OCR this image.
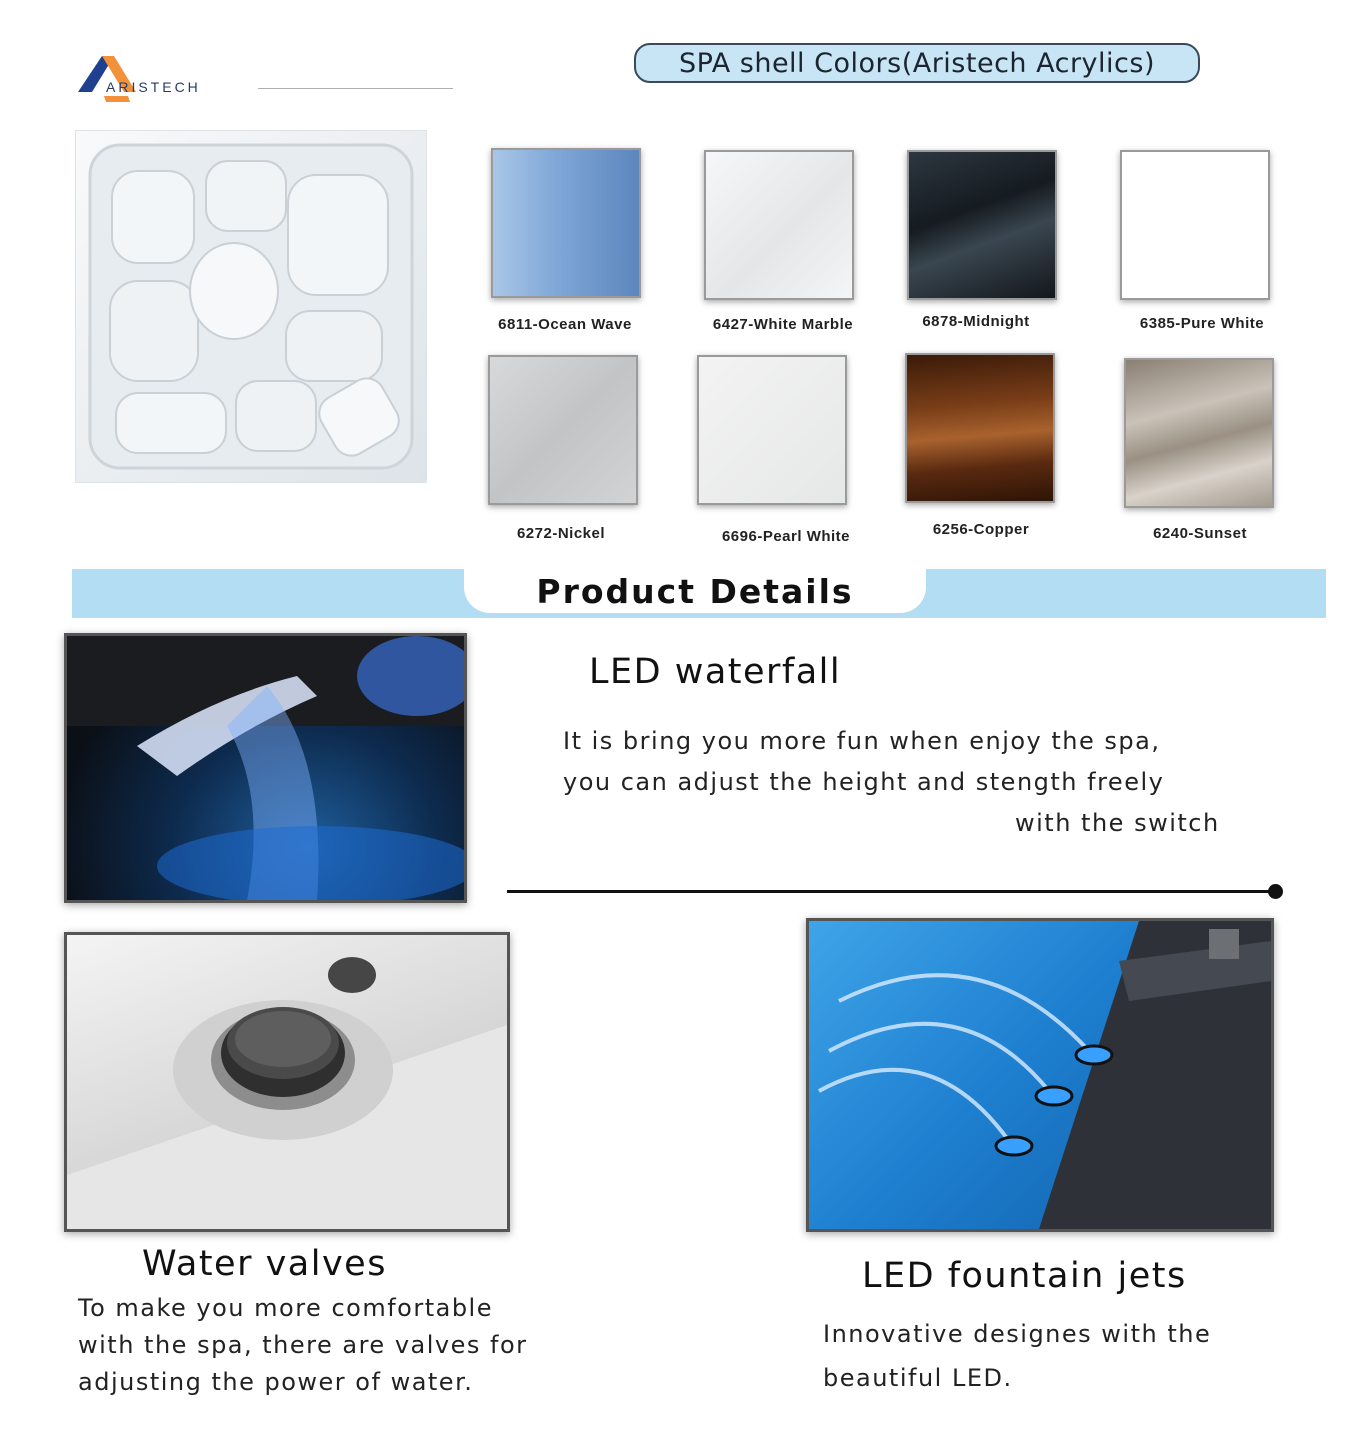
ARISTECH
SPA shell Colors(Aristech Acrylics)
6811-Ocean Wave	6427-White Marble	6878-Midnight	6385-Pure White
6272-Nickel	6696-Pearl White	6256-Copper	6240-Sunset
Product Details
LED waterfall
It is bring you more fun when enjoy the spa,
you can adjust the height and stength freely
with the switch
Water valves
To make you more comfortable
with the spa, there are valves for
adjusting the power of water.
LED fountain jets
Innovative designes with the
beautiful LED.
